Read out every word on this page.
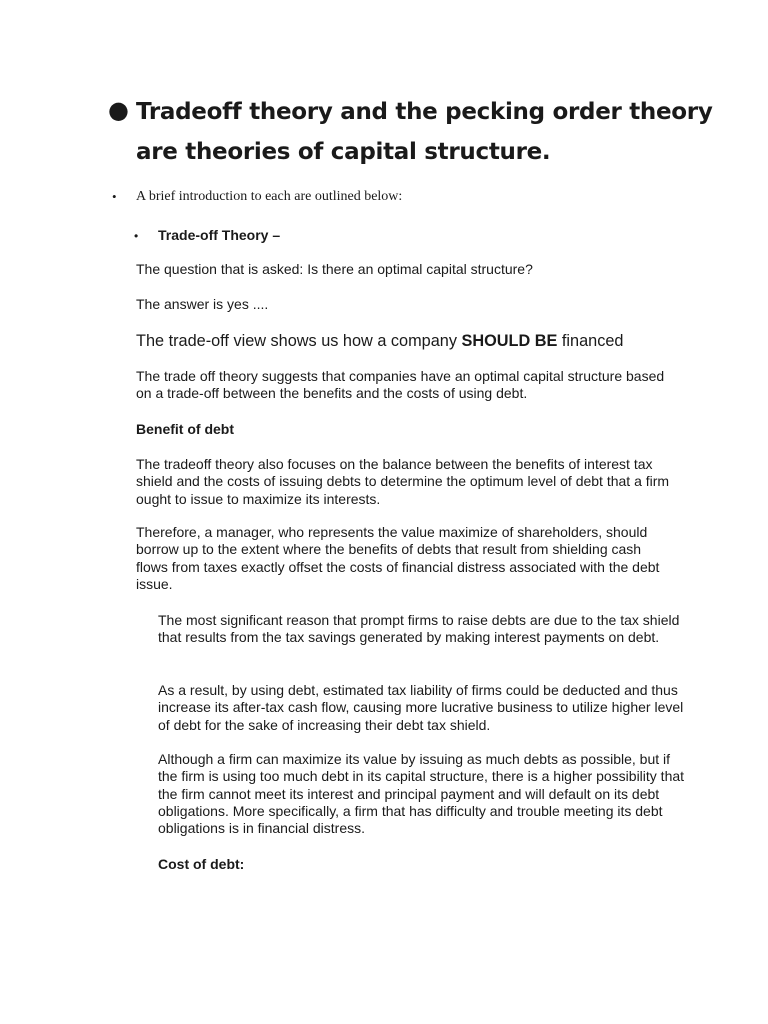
● Tradeoff theory and the pecking order theory are theories of capital structure.
• A brief introduction to each are outlined below:
• Trade-off Theory –

The question that is asked: Is there an optimal capital structure?

The answer is yes ....

The trade-off view shows us how a company SHOULD BE financed

The trade off theory suggests that companies have an optimal capital structure based on a trade-off between the benefits and the costs of using debt.

Benefit of debt

The tradeoff theory also focuses on the balance between the benefits of interest tax shield and the costs of issuing debts to determine the optimum level of debt that a firm ought to issue to maximize its interests.

Therefore, a manager, who represents the value maximize of shareholders, should borrow up to the extent where the benefits of debts that result from shielding cash flows from taxes exactly offset the costs of financial distress associated with the debt issue.

The most significant reason that prompt firms to raise debts are due to the tax shield that results from the tax savings generated by making interest payments on debt.

As a result, by using debt, estimated tax liability of firms could be deducted and thus increase its after-tax cash flow, causing more lucrative business to utilize higher level of debt for the sake of increasing their debt tax shield.

Although a firm can maximize its value by issuing as much debts as possible, but if the firm is using too much debt in its capital structure, there is a higher possibility that the firm cannot meet its interest and principal payment and will default on its debt obligations. More specifically, a firm that has difficulty and trouble meeting its debt obligations is in financial distress.

Cost of debt:
